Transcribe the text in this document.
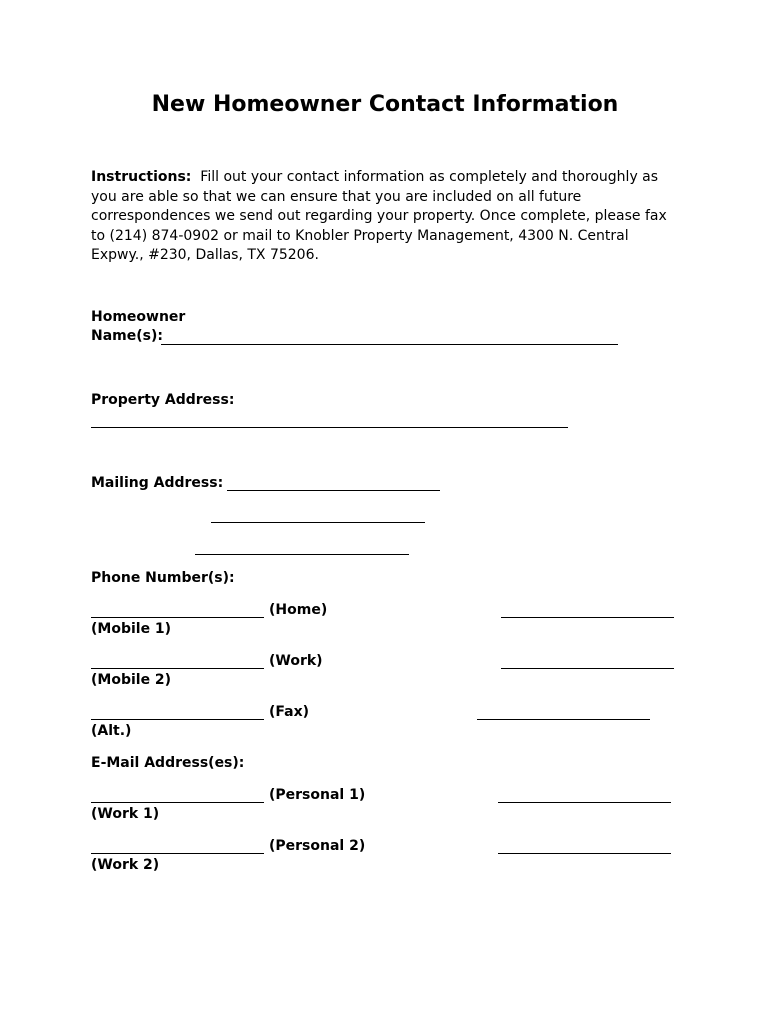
New Homeowner Contact Information
Instructions: Fill out your contact information as completely and thoroughly as
you are able so that we can ensure that you are included on all future
correspondences we send out regarding your property. Once complete, please fax
to (214) 874-0902 or mail to Knobler Property Management, 4300 N. Central
Expwy., #230, Dallas, TX 75206.
Homeowner
Name(s):
Property Address:
Mailing Address:
Phone Number(s):
(Home)
(Mobile 1)
(Work)
(Mobile 2)
(Fax)
(Alt.)
E-Mail Address(es):
(Personal 1)
(Work 1)
(Personal 2)
(Work 2)
